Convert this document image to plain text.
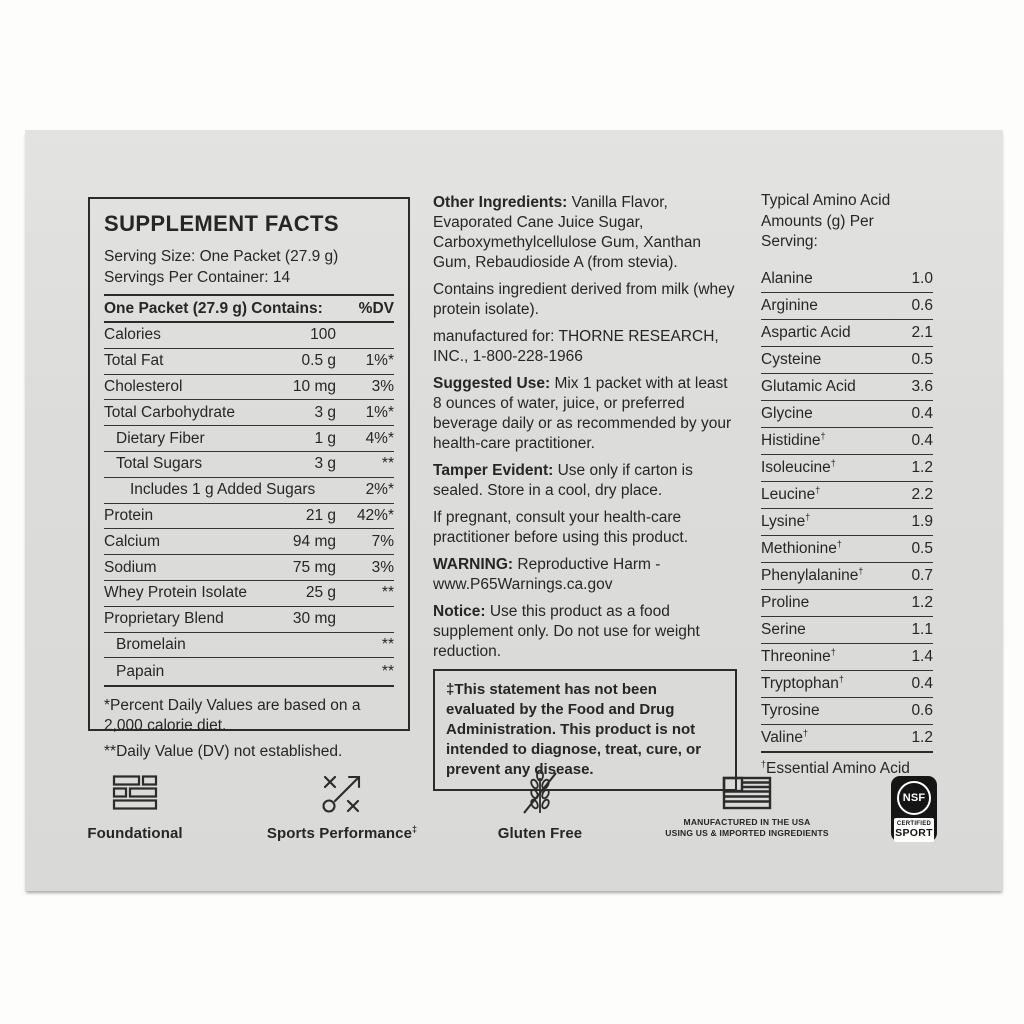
SUPPLEMENT FACTS
Serving Size: One Packet (27.9 g)
Servings Per Container: 14
One Packet (27.9 g) Contains:	%DV
Calories	100
Total Fat	0.5 g	1%*
Cholesterol	10 mg	3%
Total Carbohydrate	3 g	1%*
Dietary Fiber	1 g	4%*
Total Sugars	3 g	**
Includes 1 g Added Sugars	2%*
Protein	21 g	42%*
Calcium	94 mg	7%
Sodium	75 mg	3%
Whey Protein Isolate	25 g	**
Proprietary Blend	30 mg
Bromelain	**
Papain	**

*Percent Daily Values are based on a 2,000 calorie diet.

**Daily Value (DV) not established.

Other Ingredients: Vanilla Flavor, Evaporated Cane Juice Sugar, Carboxymethylcellulose Gum, Xanthan Gum, Rebaudioside A (from stevia).

Contains ingredient derived from milk (whey protein isolate).

manufactured for: THORNE RESEARCH, INC., 1-800-228-1966

Suggested Use: Mix 1 packet with at least 8 ounces of water, juice, or preferred beverage daily or as recommended by your health-care practitioner.

Tamper Evident: Use only if carton is sealed. Store in a cool, dry place.

If pregnant, consult your health-care practitioner before using this product.

WARNING: Reproductive Harm - www.P65Warnings.ca.gov

Notice: Use this product as a food supplement only. Do not use for weight reduction.

‡This statement has not been evaluated by the Food and Drug Administration. This product is not intended to diagnose, treat, cure, or prevent any disease.
Typical Amino Acid
Amounts (g) Per Serving:
Alanine	1.0
Arginine	0.6
Aspartic Acid	2.1
Cysteine	0.5
Glutamic Acid	3.6
Glycine	0.4
Histidine†	0.4
Isoleucine†	1.2
Leucine†	2.2
Lysine†	1.9
Methionine†	0.5
Phenylalanine†	0.7
Proline	1.2
Serine	1.1
Threonine†	1.4
Tryptophan†	0.4
Tyrosine	0.6
Valine†	1.2
†Essential Amino Acid
Foundational	Sports Performance‡	Gluten Free
MANUFACTURED IN THE USA
USING US & IMPORTED INGREDIENTS
NSF
CERTIFIED
SPORT
